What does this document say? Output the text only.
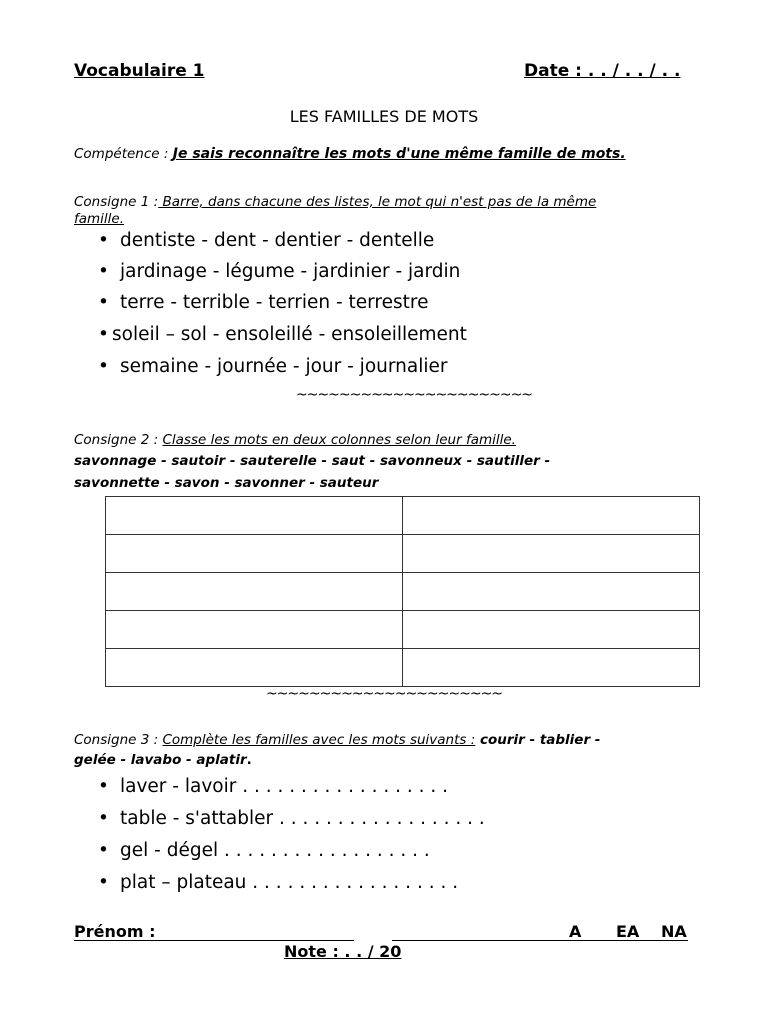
Vocabulaire 1	Date : . . / . . / . .
LES FAMILLES DE MOTS
Compétence : Je sais reconnaître les mots d'une même famille de mots.
Consigne 1 : Barre, dans chacune des listes, le mot qui n'est pas de la même
famille.
• dentiste - dent - dentier - dentelle
• jardinage - légume - jardinier - jardin
• terre - terrible - terrien - terrestre
• soleil – sol - ensoleillé - ensoleillement
• semaine - journée - jour - journalier
~~~~~~~~~~~~~~~~~~~~~~
Consigne 2 : Classe les mots en deux colonnes selon leur famille.
savonnage - sautoir - sauterelle - saut - savonneux - sautiller -
savonnette - savon - savonner - sauteur

~~~~~~~~~~~~~~~~~~~~~~
Consigne 3 : Complète les familles avec les mots suivants : courir - tablier -
gelée - lavabo - aplatir.
• laver - lavoir . . . . . . . . . . . . . . . . . .
• table - s'attabler . . . . . . . . . . . . . . . . . .
• gel - dégel . . . . . . . . . . . . . . . . . .
• plat – plateau . . . . . . . . . . . . . . . . . .
Prénom :	A EA NA
Note : . . / 20
